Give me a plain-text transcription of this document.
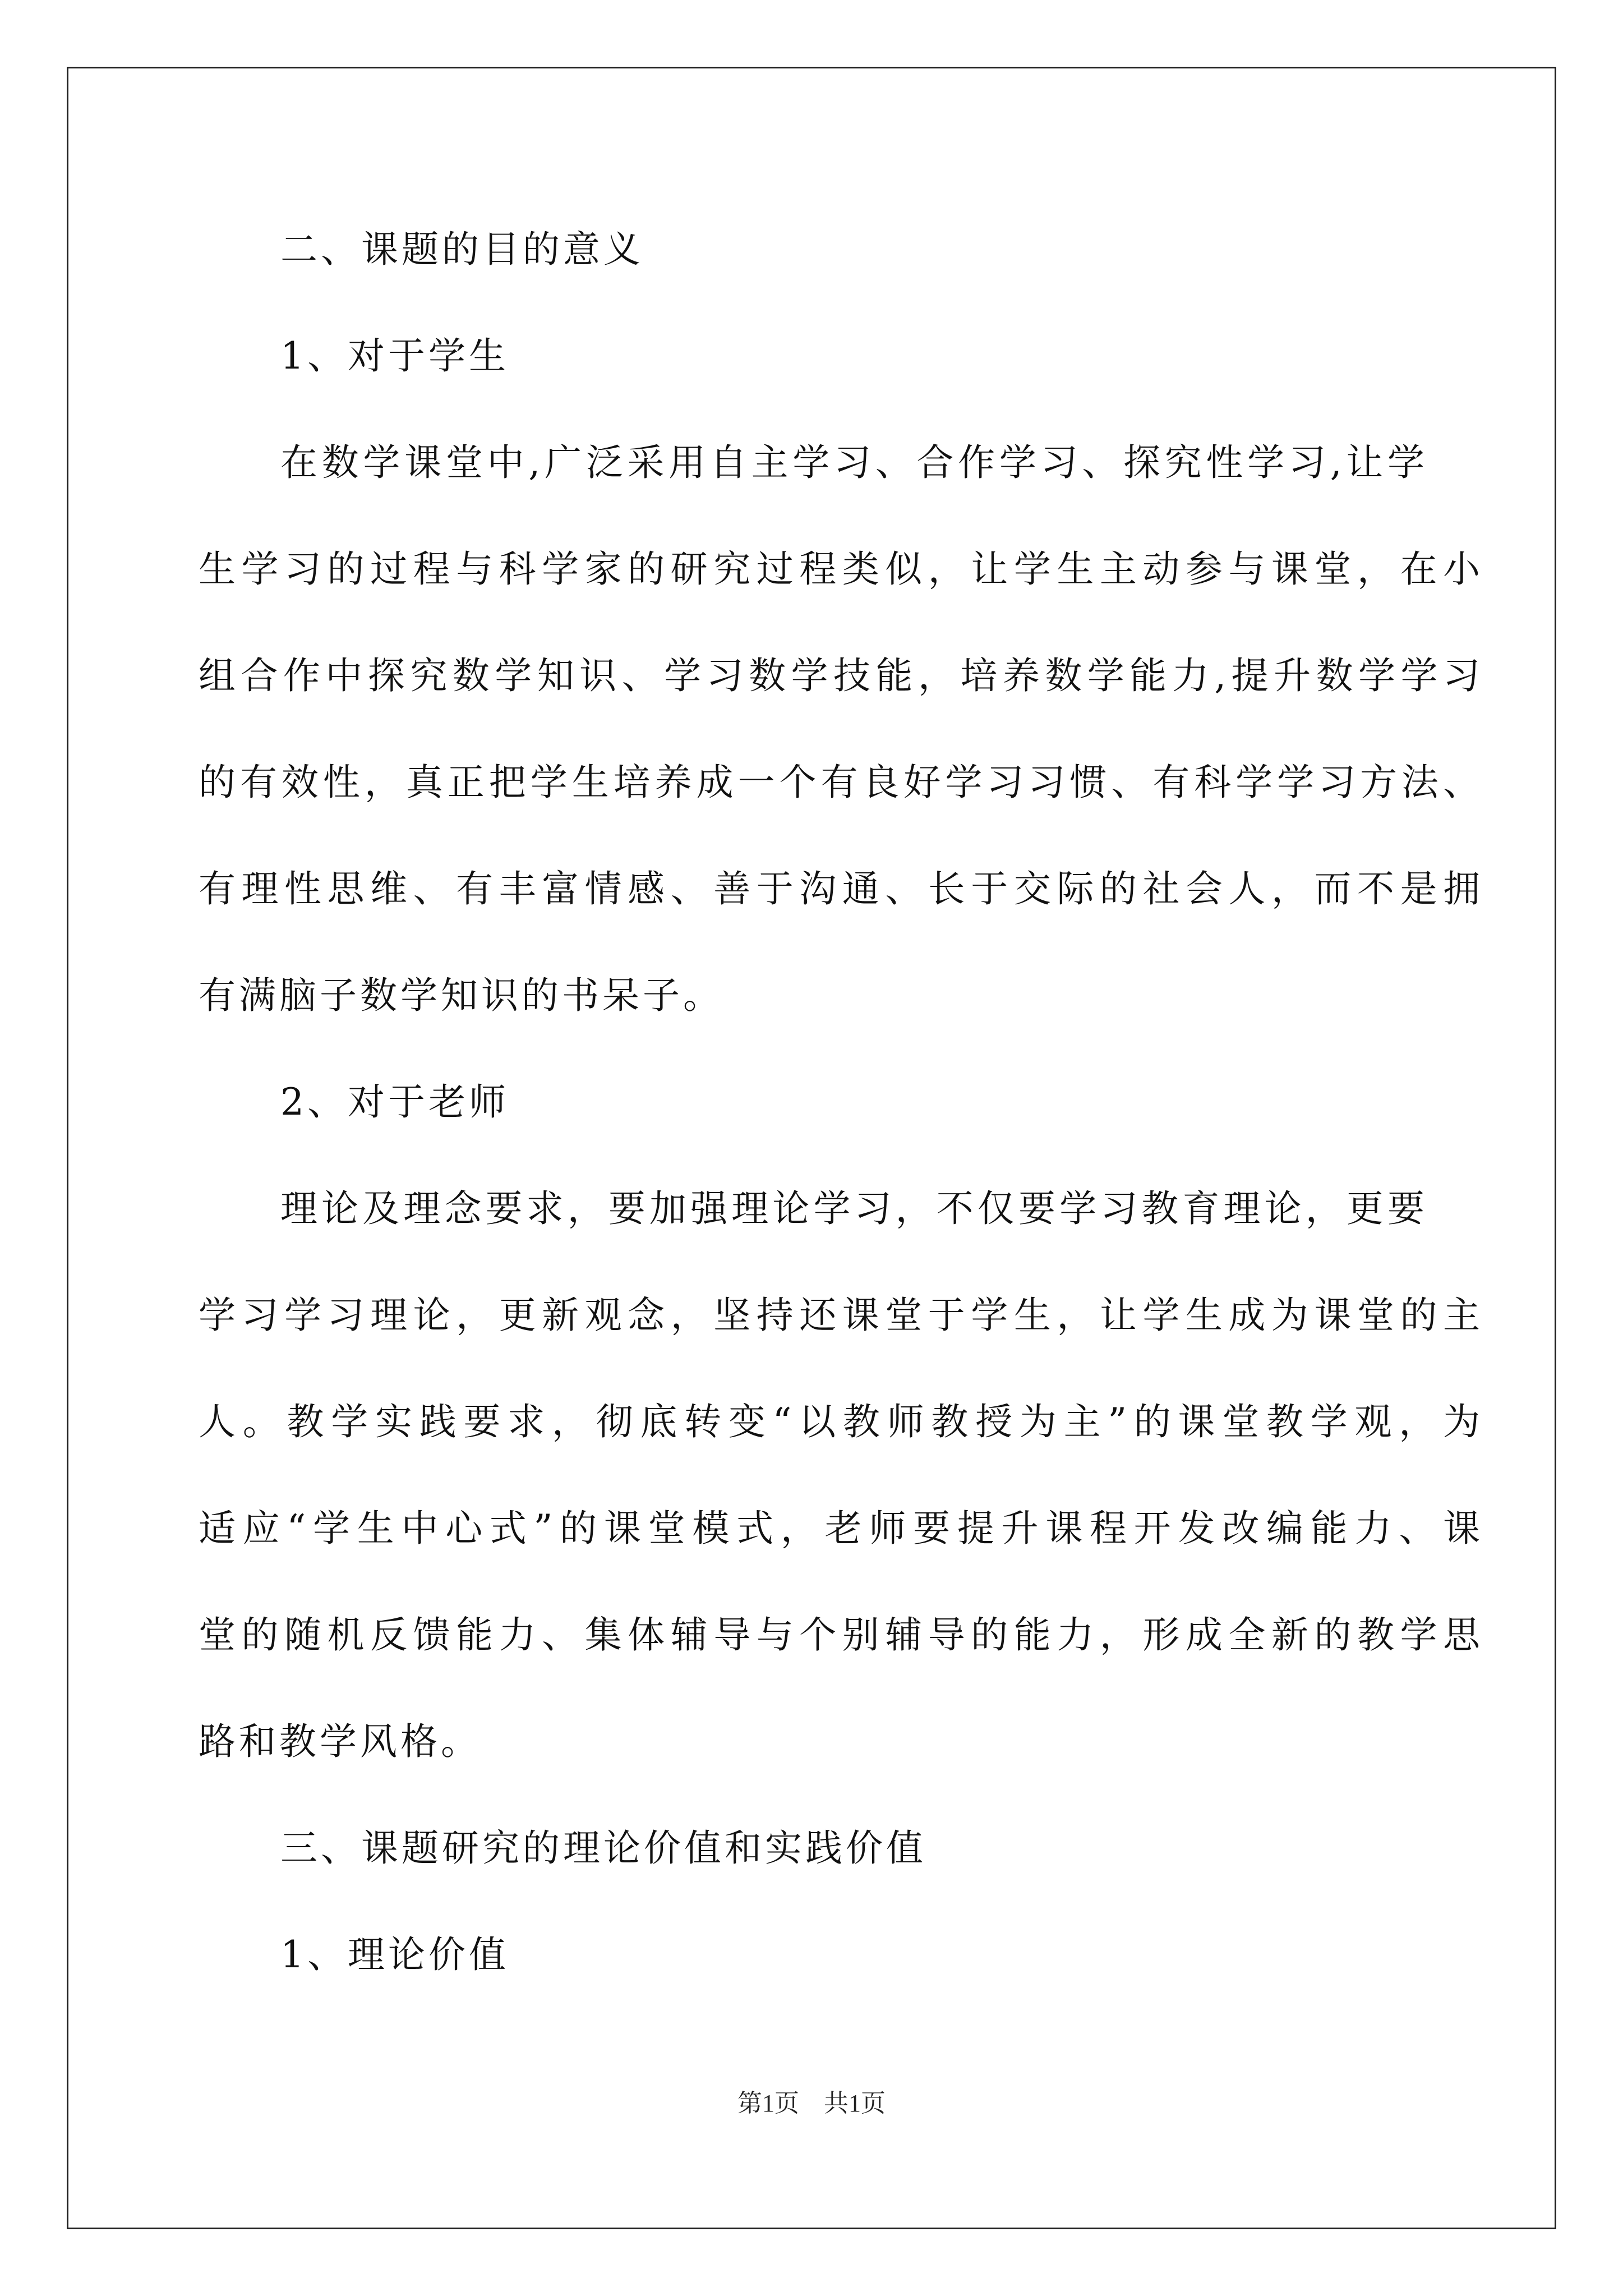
二、课题的目的意义
1、对于学生
在数学课堂中,广泛采用自主学习、合作学习、探究性学习,让学
生学习的过程与科学家的研究过程类似，让学生主动参与课堂，在小
组合作中探究数学知识、学习数学技能，培养数学能力,提升数学学习
的有效性，真正把学生培养成一个有良好学习习惯、有科学学习方法、
有理性思维、有丰富情感、善于沟通、长于交际的社会人，而不是拥
有满脑子数学知识的书呆子。
2、对于老师
理论及理念要求，要加强理论学习，不仅要学习教育理论，更要
学习学习理论，更新观念，坚持还课堂于学生，让学生成为课堂的主
人。教学实践要求，彻底转变“以教师教授为主”的课堂教学观，为
适应“学生中心式”的课堂模式，老师要提升课程开发改编能力、课
堂的随机反馈能力、集体辅导与个别辅导的能力，形成全新的教学思
路和教学风格。
三、课题研究的理论价值和实践价值
1、理论价值
第1页　共1页
